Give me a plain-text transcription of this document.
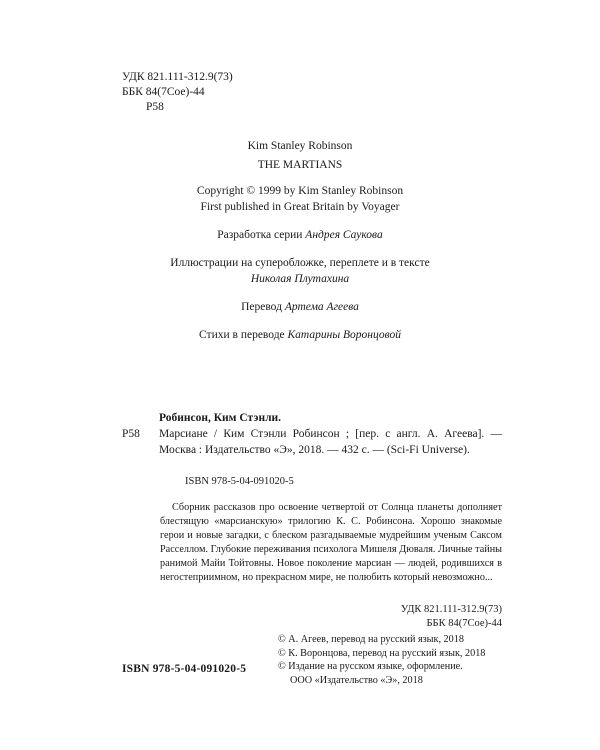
УДК 821.111-312.9(73)
ББК 84(7Сое)-44
Р58
Kim Stanley Robinson
THE MARTIANS
Copyright © 1999 by Kim Stanley Robinson
First published in Great Britain by Voyager
Разработка серии Андрея Саукова
Иллюстрации на суперобложке, переплете и в тексте
Николая Плутахина
Перевод Артема Агеева
Стихи в переводе Катарины Воронцовой
Робинсон, Ким Стэнли.
Р58	Марсиане / Ким Стэнли Робинсон ; [пер. с англ. А. Агеева]. — Москва : Издательство «Э», 2018. — 432 с. — (Sci-Fi Universe).
ISBN 978-5-04-091020-5
Сборник рассказов про освоение четвертой от Солнца планеты дополняет блестящую «марсианскую» трилогию К. С. Робинсона. Хорошо знакомые герои и новые загадки, с блеском разгадываемые мудрейшим ученым Саксом Расселлом. Глубокие переживания психолога Мишеля Дюваля. Личные тайны ранимой Майи Тойтовны. Новое поколение марсиан — людей, родившихся в негостеприимном, но прекрасном мире, не полюбить который невозможно...
УДК 821.111-312.9(73)
ББК 84(7Сое)-44
© А. Агеев, перевод на русский язык, 2018
© К. Воронцова, перевод на русский язык, 2018
© Издание на русском языке, оформление.
ООО «Издательство «Э», 2018
ISBN 978-5-04-091020-5
